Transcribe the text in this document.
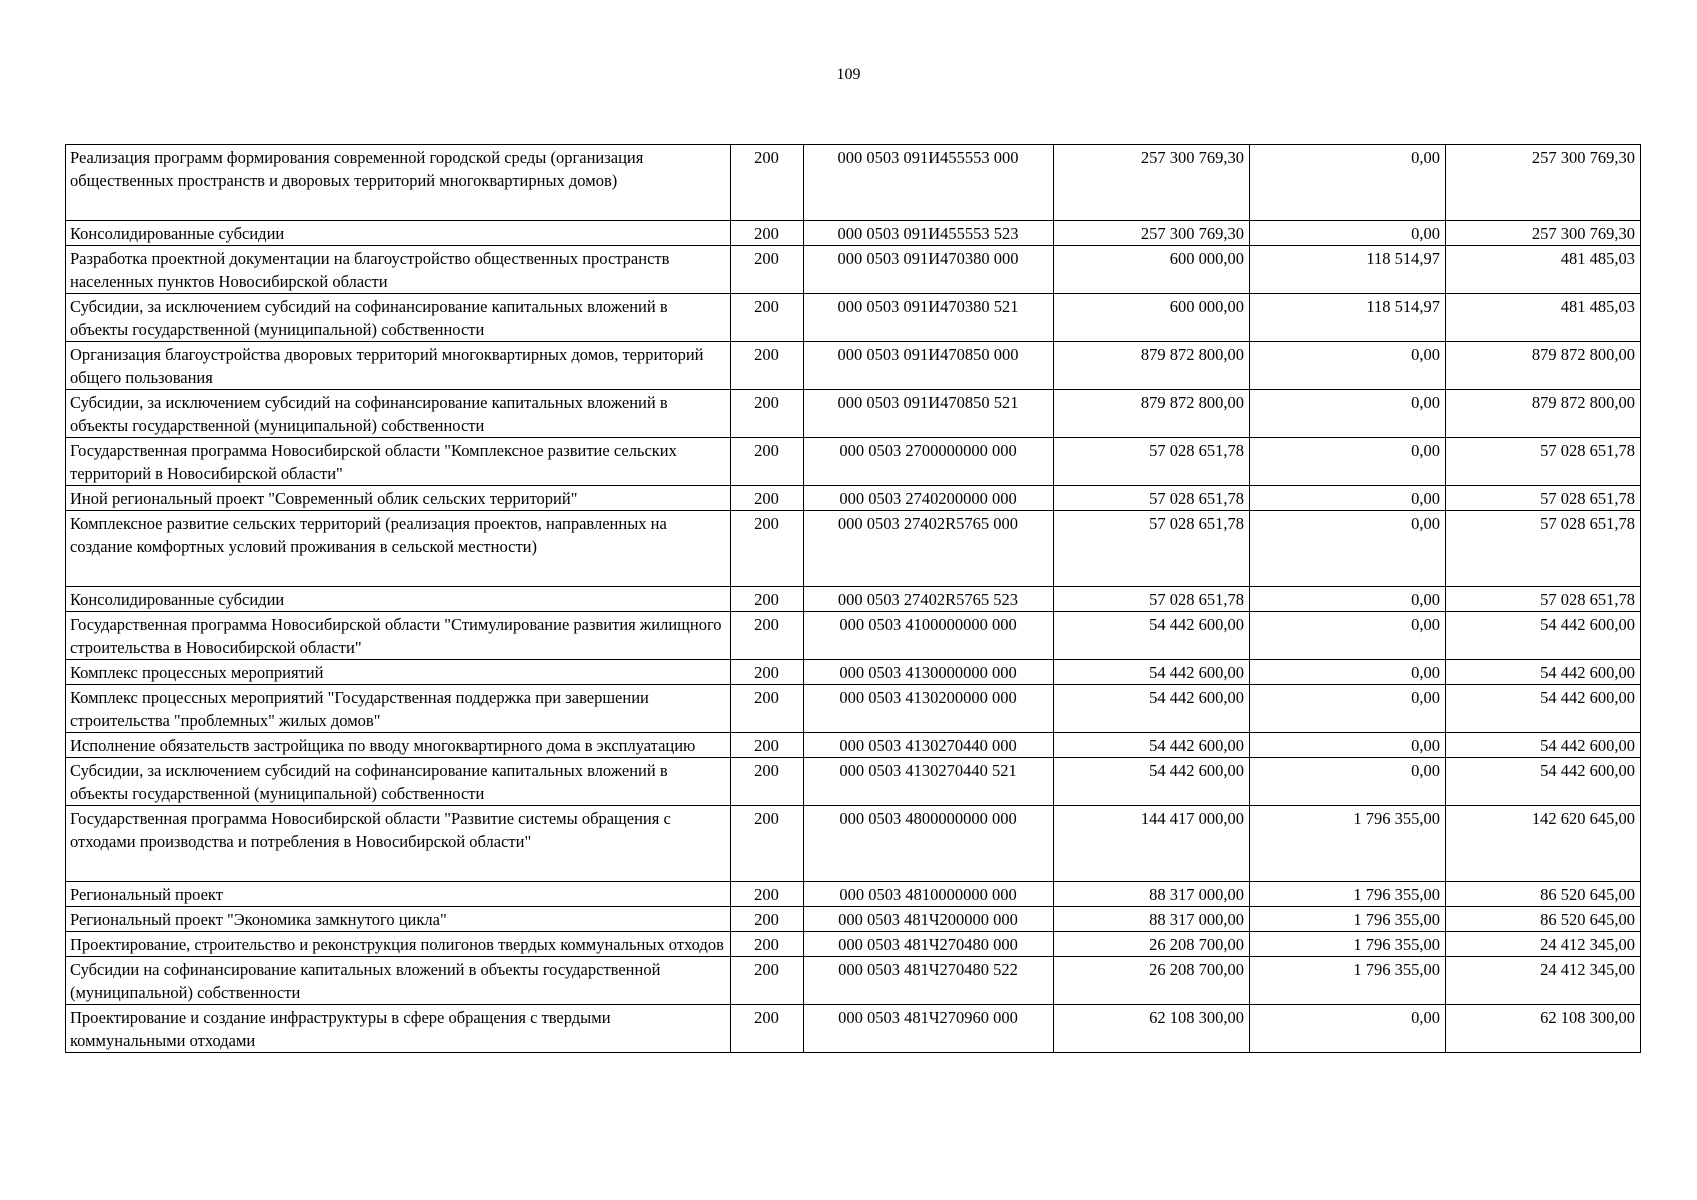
109
Реализация программ формирования современной городской среды (организация общественных пространств и дворовых территорий многоквартирных домов)	200	000 0503 091И455553 000	257 300 769,30	0,00	257 300 769,30
Консолидированные субсидии	200	000 0503 091И455553 523	257 300 769,30	0,00	257 300 769,30
Разработка проектной документации на благоустройство общественных пространств населенных пунктов Новосибирской области	200	000 0503 091И470380 000	600 000,00	118 514,97	481 485,03
Субсидии, за исключением субсидий на софинансирование капитальных вложений в объекты государственной (муниципальной) собственности	200	000 0503 091И470380 521	600 000,00	118 514,97	481 485,03
Организация благоустройства дворовых территорий многоквартирных домов, территорий общего пользования	200	000 0503 091И470850 000	879 872 800,00	0,00	879 872 800,00
Субсидии, за исключением субсидий на софинансирование капитальных вложений в объекты государственной (муниципальной) собственности	200	000 0503 091И470850 521	879 872 800,00	0,00	879 872 800,00
Государственная программа Новосибирской области "Комплексное развитие сельских территорий в Новосибирской области"	200	000 0503 2700000000 000	57 028 651,78	0,00	57 028 651,78
Иной региональный проект "Современный облик сельских территорий"	200	000 0503 2740200000 000	57 028 651,78	0,00	57 028 651,78
Комплексное развитие сельских территорий (реализация проектов, направленных на создание комфортных условий проживания в сельской местности)	200	000 0503 27402R5765 000	57 028 651,78	0,00	57 028 651,78
Консолидированные субсидии	200	000 0503 27402R5765 523	57 028 651,78	0,00	57 028 651,78
Государственная программа Новосибирской области "Стимулирование развития жилищного строительства в Новосибирской области"	200	000 0503 4100000000 000	54 442 600,00	0,00	54 442 600,00
Комплекс процессных мероприятий	200	000 0503 4130000000 000	54 442 600,00	0,00	54 442 600,00
Комплекс процессных мероприятий "Государственная поддержка при завершении строительства "проблемных" жилых домов"	200	000 0503 4130200000 000	54 442 600,00	0,00	54 442 600,00
Исполнение обязательств застройщика по вводу многоквартирного дома в эксплуатацию	200	000 0503 4130270440 000	54 442 600,00	0,00	54 442 600,00
Субсидии, за исключением субсидий на софинансирование капитальных вложений в объекты государственной (муниципальной) собственности	200	000 0503 4130270440 521	54 442 600,00	0,00	54 442 600,00
Государственная программа Новосибирской области "Развитие системы обращения с отходами производства и потребления в Новосибирской области"	200	000 0503 4800000000 000	144 417 000,00	1 796 355,00	142 620 645,00
Региональный проект	200	000 0503 4810000000 000	88 317 000,00	1 796 355,00	86 520 645,00
Региональный проект "Экономика замкнутого цикла"	200	000 0503 481Ч200000 000	88 317 000,00	1 796 355,00	86 520 645,00
Проектирование, строительство и реконструкция полигонов твердых коммунальных отходов	200	000 0503 481Ч270480 000	26 208 700,00	1 796 355,00	24 412 345,00
Субсидии на софинансирование капитальных вложений в объекты государственной (муниципальной) собственности	200	000 0503 481Ч270480 522	26 208 700,00	1 796 355,00	24 412 345,00
Проектирование и создание инфраструктуры в сфере обращения с твердыми коммунальными отходами	200	000 0503 481Ч270960 000	62 108 300,00	0,00	62 108 300,00
